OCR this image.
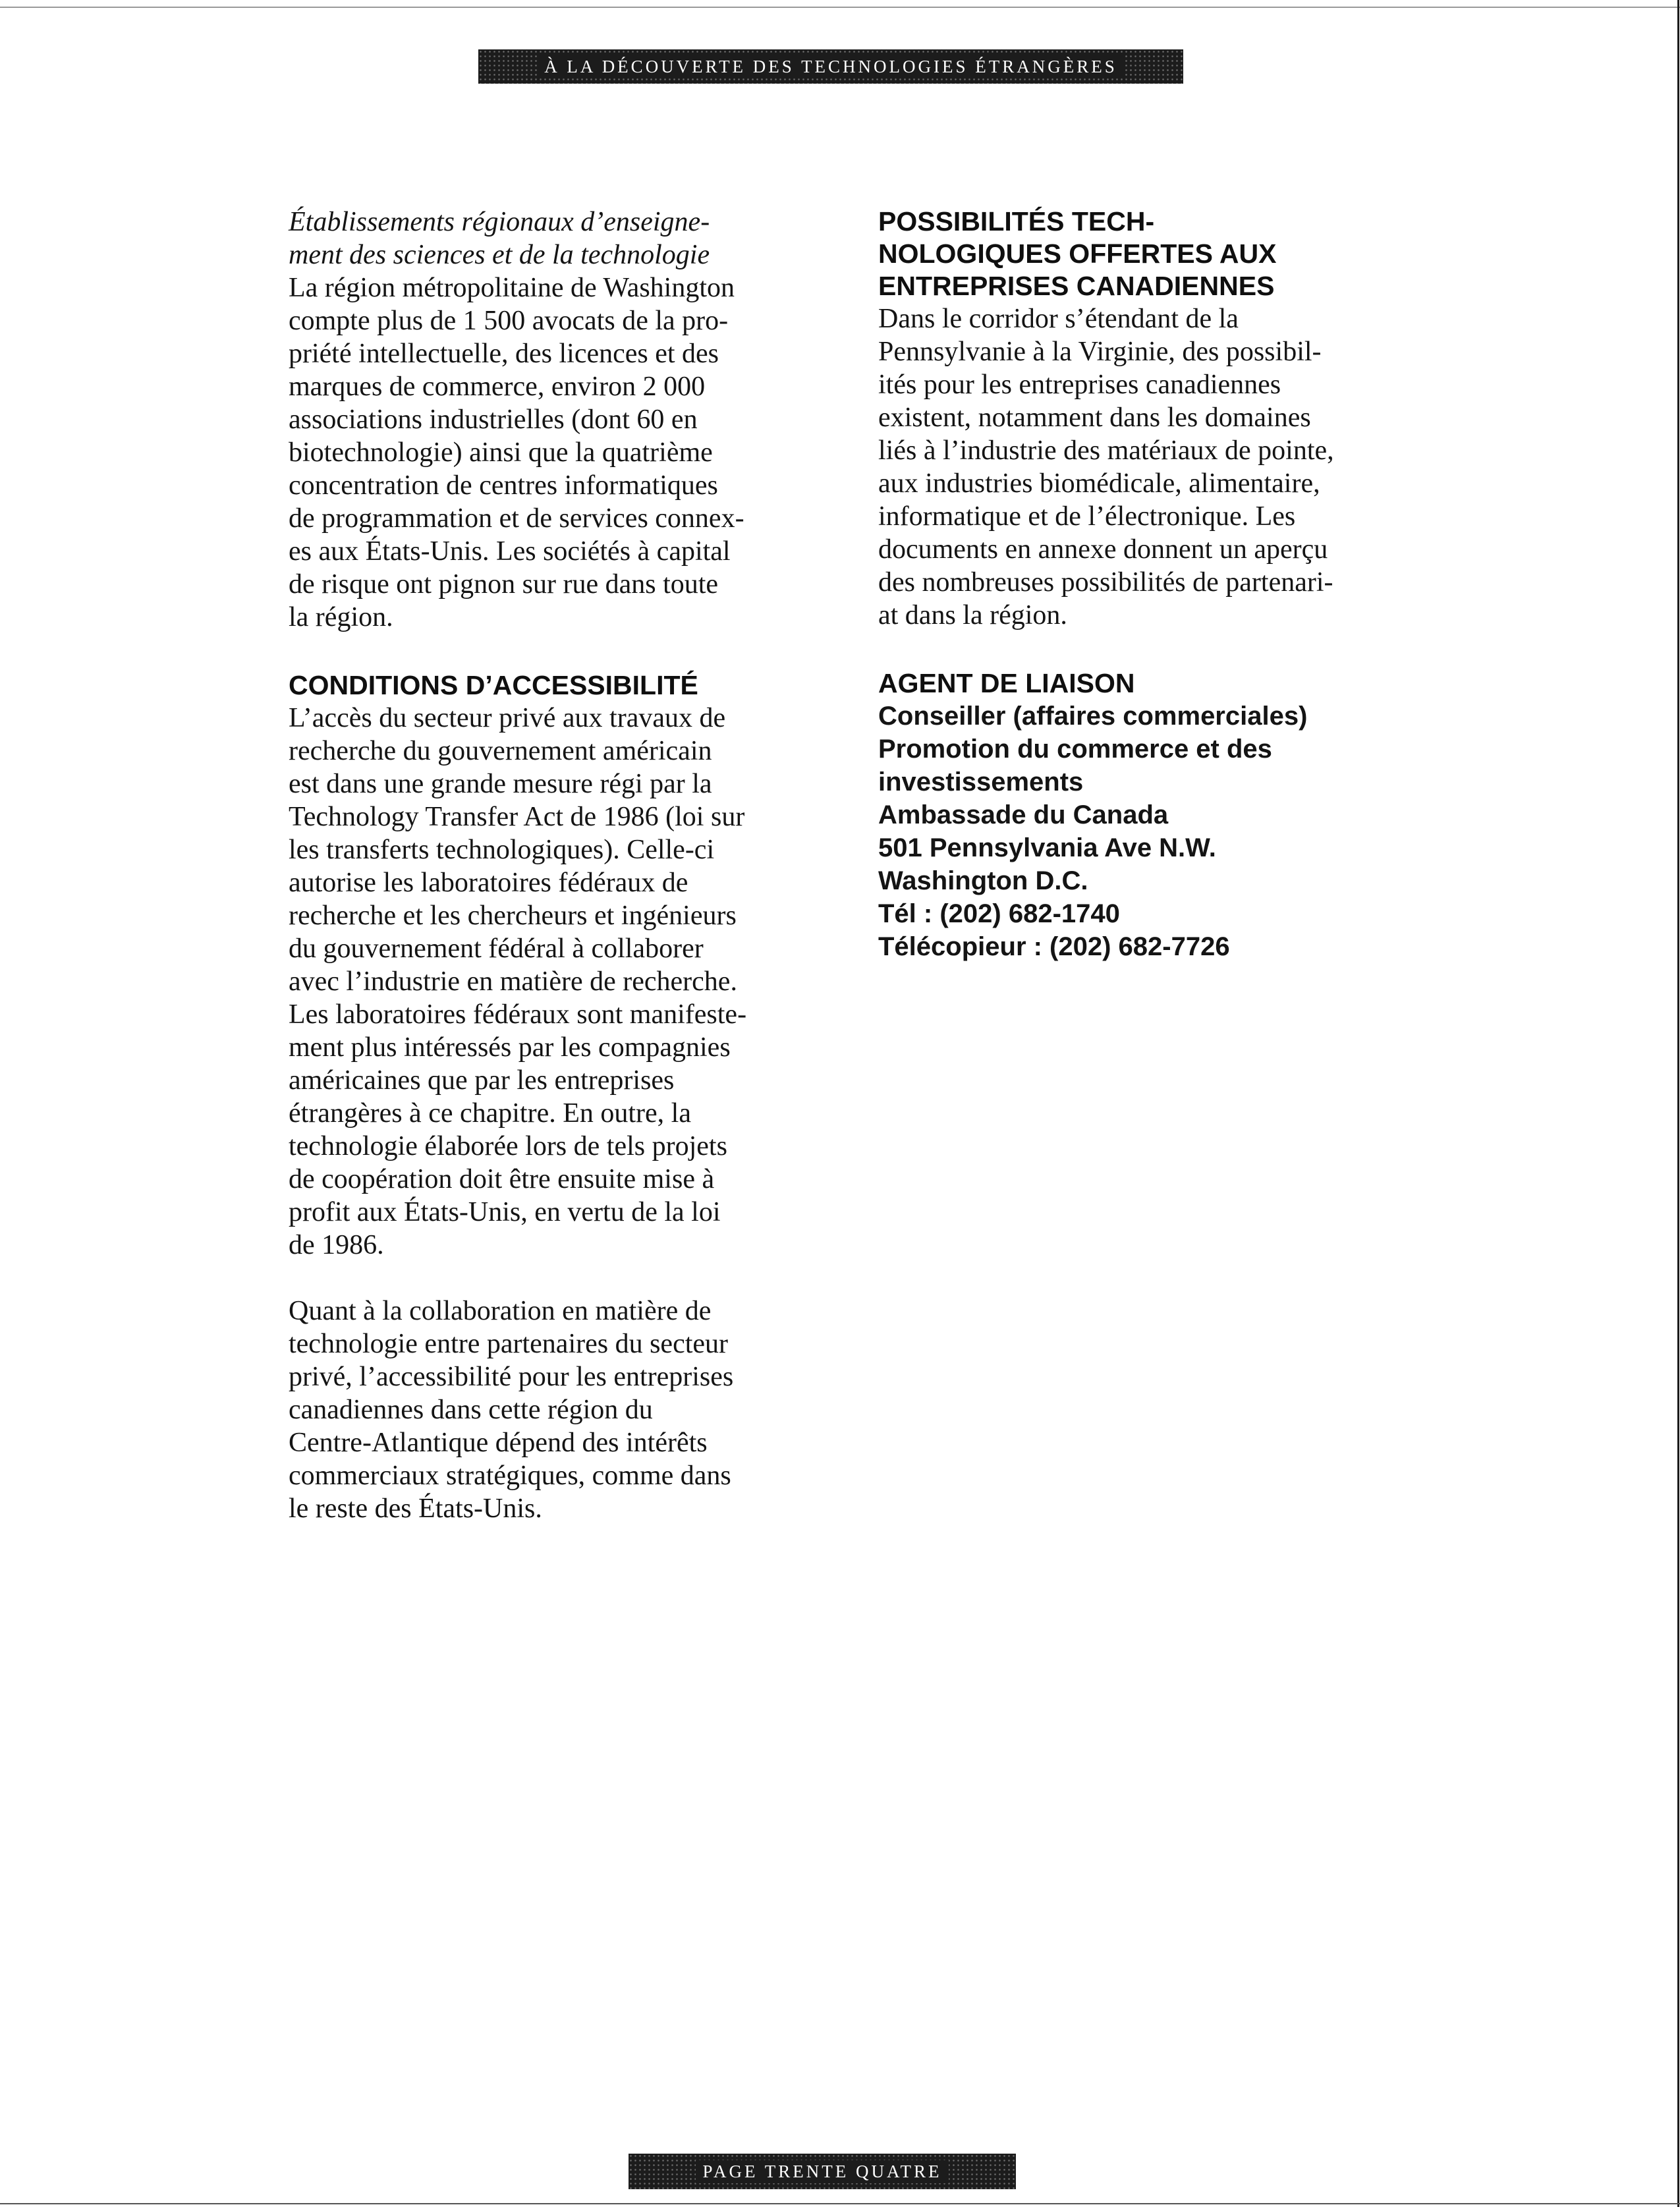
À LA DÉCOUVERTE DES TECHNOLOGIES ÉTRANGÈRES
Établissements régionaux d’enseigne-
ment des sciences et de la technologie
La région métropolitaine de Washington
compte plus de 1 500 avocats de la pro-
priété intellectuelle, des licences et des
marques de commerce, environ 2 000
associations industrielles (dont 60 en
biotechnologie) ainsi que la quatrième
concentration de centres informatiques
de programmation et de services connex-
es aux États-Unis. Les sociétés à capital
de risque ont pignon sur rue dans toute
la région.
CONDITIONS D’ACCESSIBILITÉ
L’accès du secteur privé aux travaux de
recherche du gouvernement américain
est dans une grande mesure régi par la
Technology Transfer Act de 1986 (loi sur
les transferts technologiques). Celle-ci
autorise les laboratoires fédéraux de
recherche et les chercheurs et ingénieurs
du gouvernement fédéral à collaborer
avec l’industrie en matière de recherche.
Les laboratoires fédéraux sont manifeste-
ment plus intéressés par les compagnies
américaines que par les entreprises
étrangères à ce chapitre. En outre, la
technologie élaborée lors de tels projets
de coopération doit être ensuite mise à
profit aux États-Unis, en vertu de la loi
de 1986.
Quant à la collaboration en matière de
technologie entre partenaires du secteur
privé, l’accessibilité pour les entreprises
canadiennes dans cette région du
Centre-Atlantique dépend des intérêts
commerciaux stratégiques, comme dans
le reste des États-Unis.
POSSIBILITÉS TECH-
NOLOGIQUES OFFERTES AUX
ENTREPRISES CANADIENNES
Dans le corridor s’étendant de la
Pennsylvanie à la Virginie, des possibil-
ités pour les entreprises canadiennes
existent, notamment dans les domaines
liés à l’industrie des matériaux de pointe,
aux industries biomédicale, alimentaire,
informatique et de l’électronique. Les
documents en annexe donnent un aperçu
des nombreuses possibilités de partenari-
at dans la région.
AGENT DE LIAISON
Conseiller (affaires commerciales)
Promotion du commerce et des
investissements
Ambassade du Canada
501 Pennsylvania Ave N.W.
Washington D.C.
Tél : (202) 682-1740
Télécopieur : (202) 682-7726
PAGE TRENTE QUATRE
